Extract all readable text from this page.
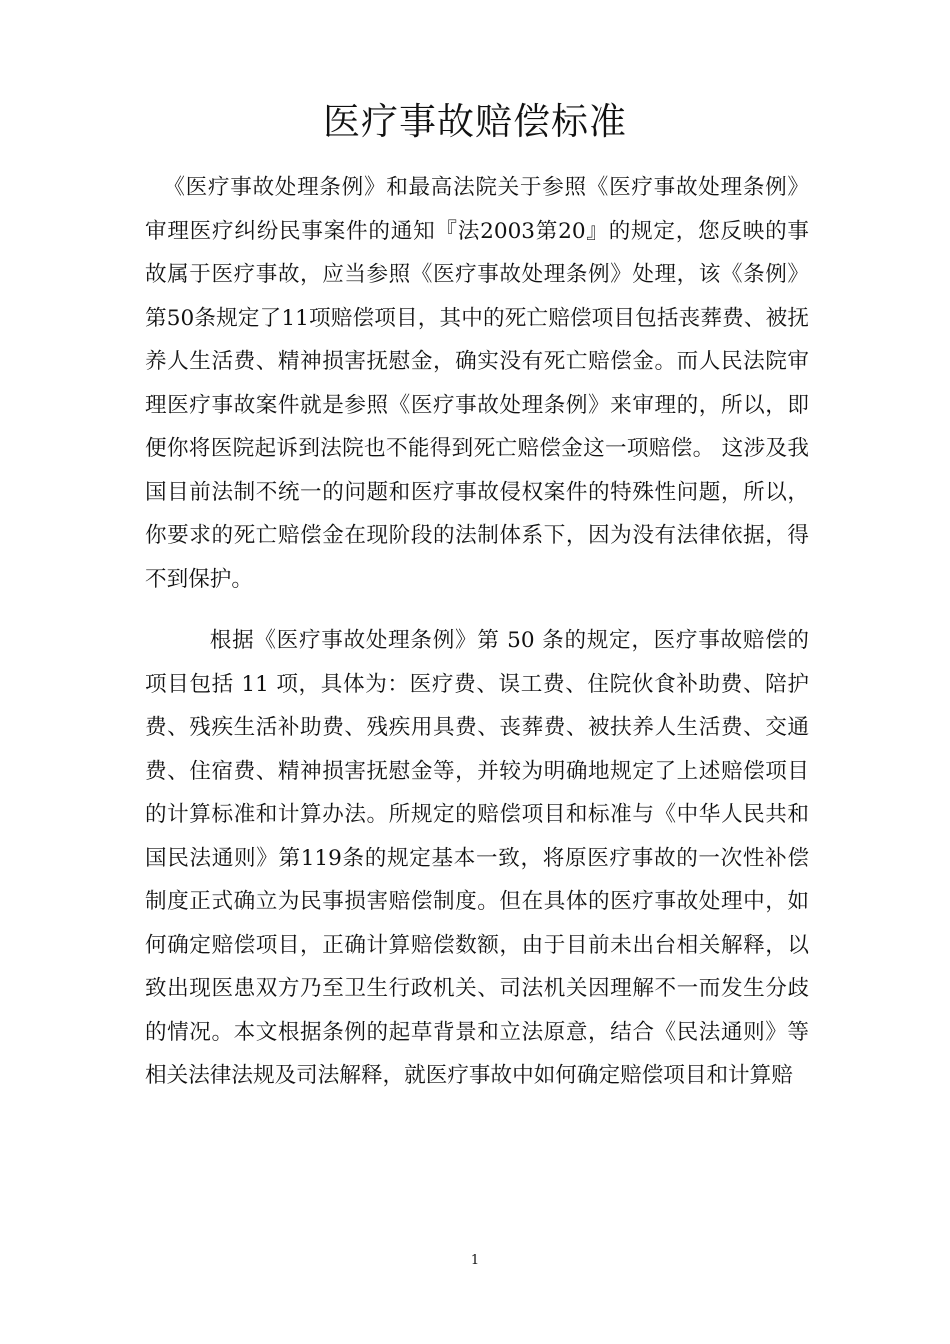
医疗事故赔偿标准

《医疗事故处理条例》和最高法院关于参照《医疗事故处理条例》审理医疗纠纷民事案件的通知『法2003第20』的规定，您反映的事故属于医疗事故，应当参照《医疗事故处理条例》处理，该《条例》第50条规定了11项赔偿项目，其中的死亡赔偿项目包括丧葬费、被抚养人生活费、精神损害抚慰金，确实没有死亡赔偿金。而人民法院审理医疗事故案件就是参照《医疗事故处理条例》来审理的，所以，即便你将医院起诉到法院也不能得到死亡赔偿金这一项赔偿。 这涉及我国目前法制不统一的问题和医疗事故侵权案件的特殊性问题，所以，你要求的死亡赔偿金在现阶段的法制体系下，因为没有法律依据，得不到保护。

根据《医疗事故处理条例》第 50 条的规定，医疗事故赔偿的项目包括 11 项，具体为：医疗费、误工费、住院伙食补助费、陪护费、残疾生活补助费、残疾用具费、丧葬费、被扶养人生活费、交通费、住宿费、精神损害抚慰金等，并较为明确地规定了上述赔偿项目的计算标准和计算办法。所规定的赔偿项目和标准与《中华人民共和国民法通则》第119条的规定基本一致，将原医疗事故的一次性补偿制度正式确立为民事损害赔偿制度。但在具体的医疗事故处理中，如何确定赔偿项目，正确计算赔偿数额，由于目前未出台相关解释，以致出现医患双方乃至卫生行政机关、司法机关因理解不一而发生分歧的情况。本文根据条例的起草背景和立法原意，结合《民法通则》等相关法律法规及司法解释，就医疗事故中如何确定赔偿项目和计算赔

1
